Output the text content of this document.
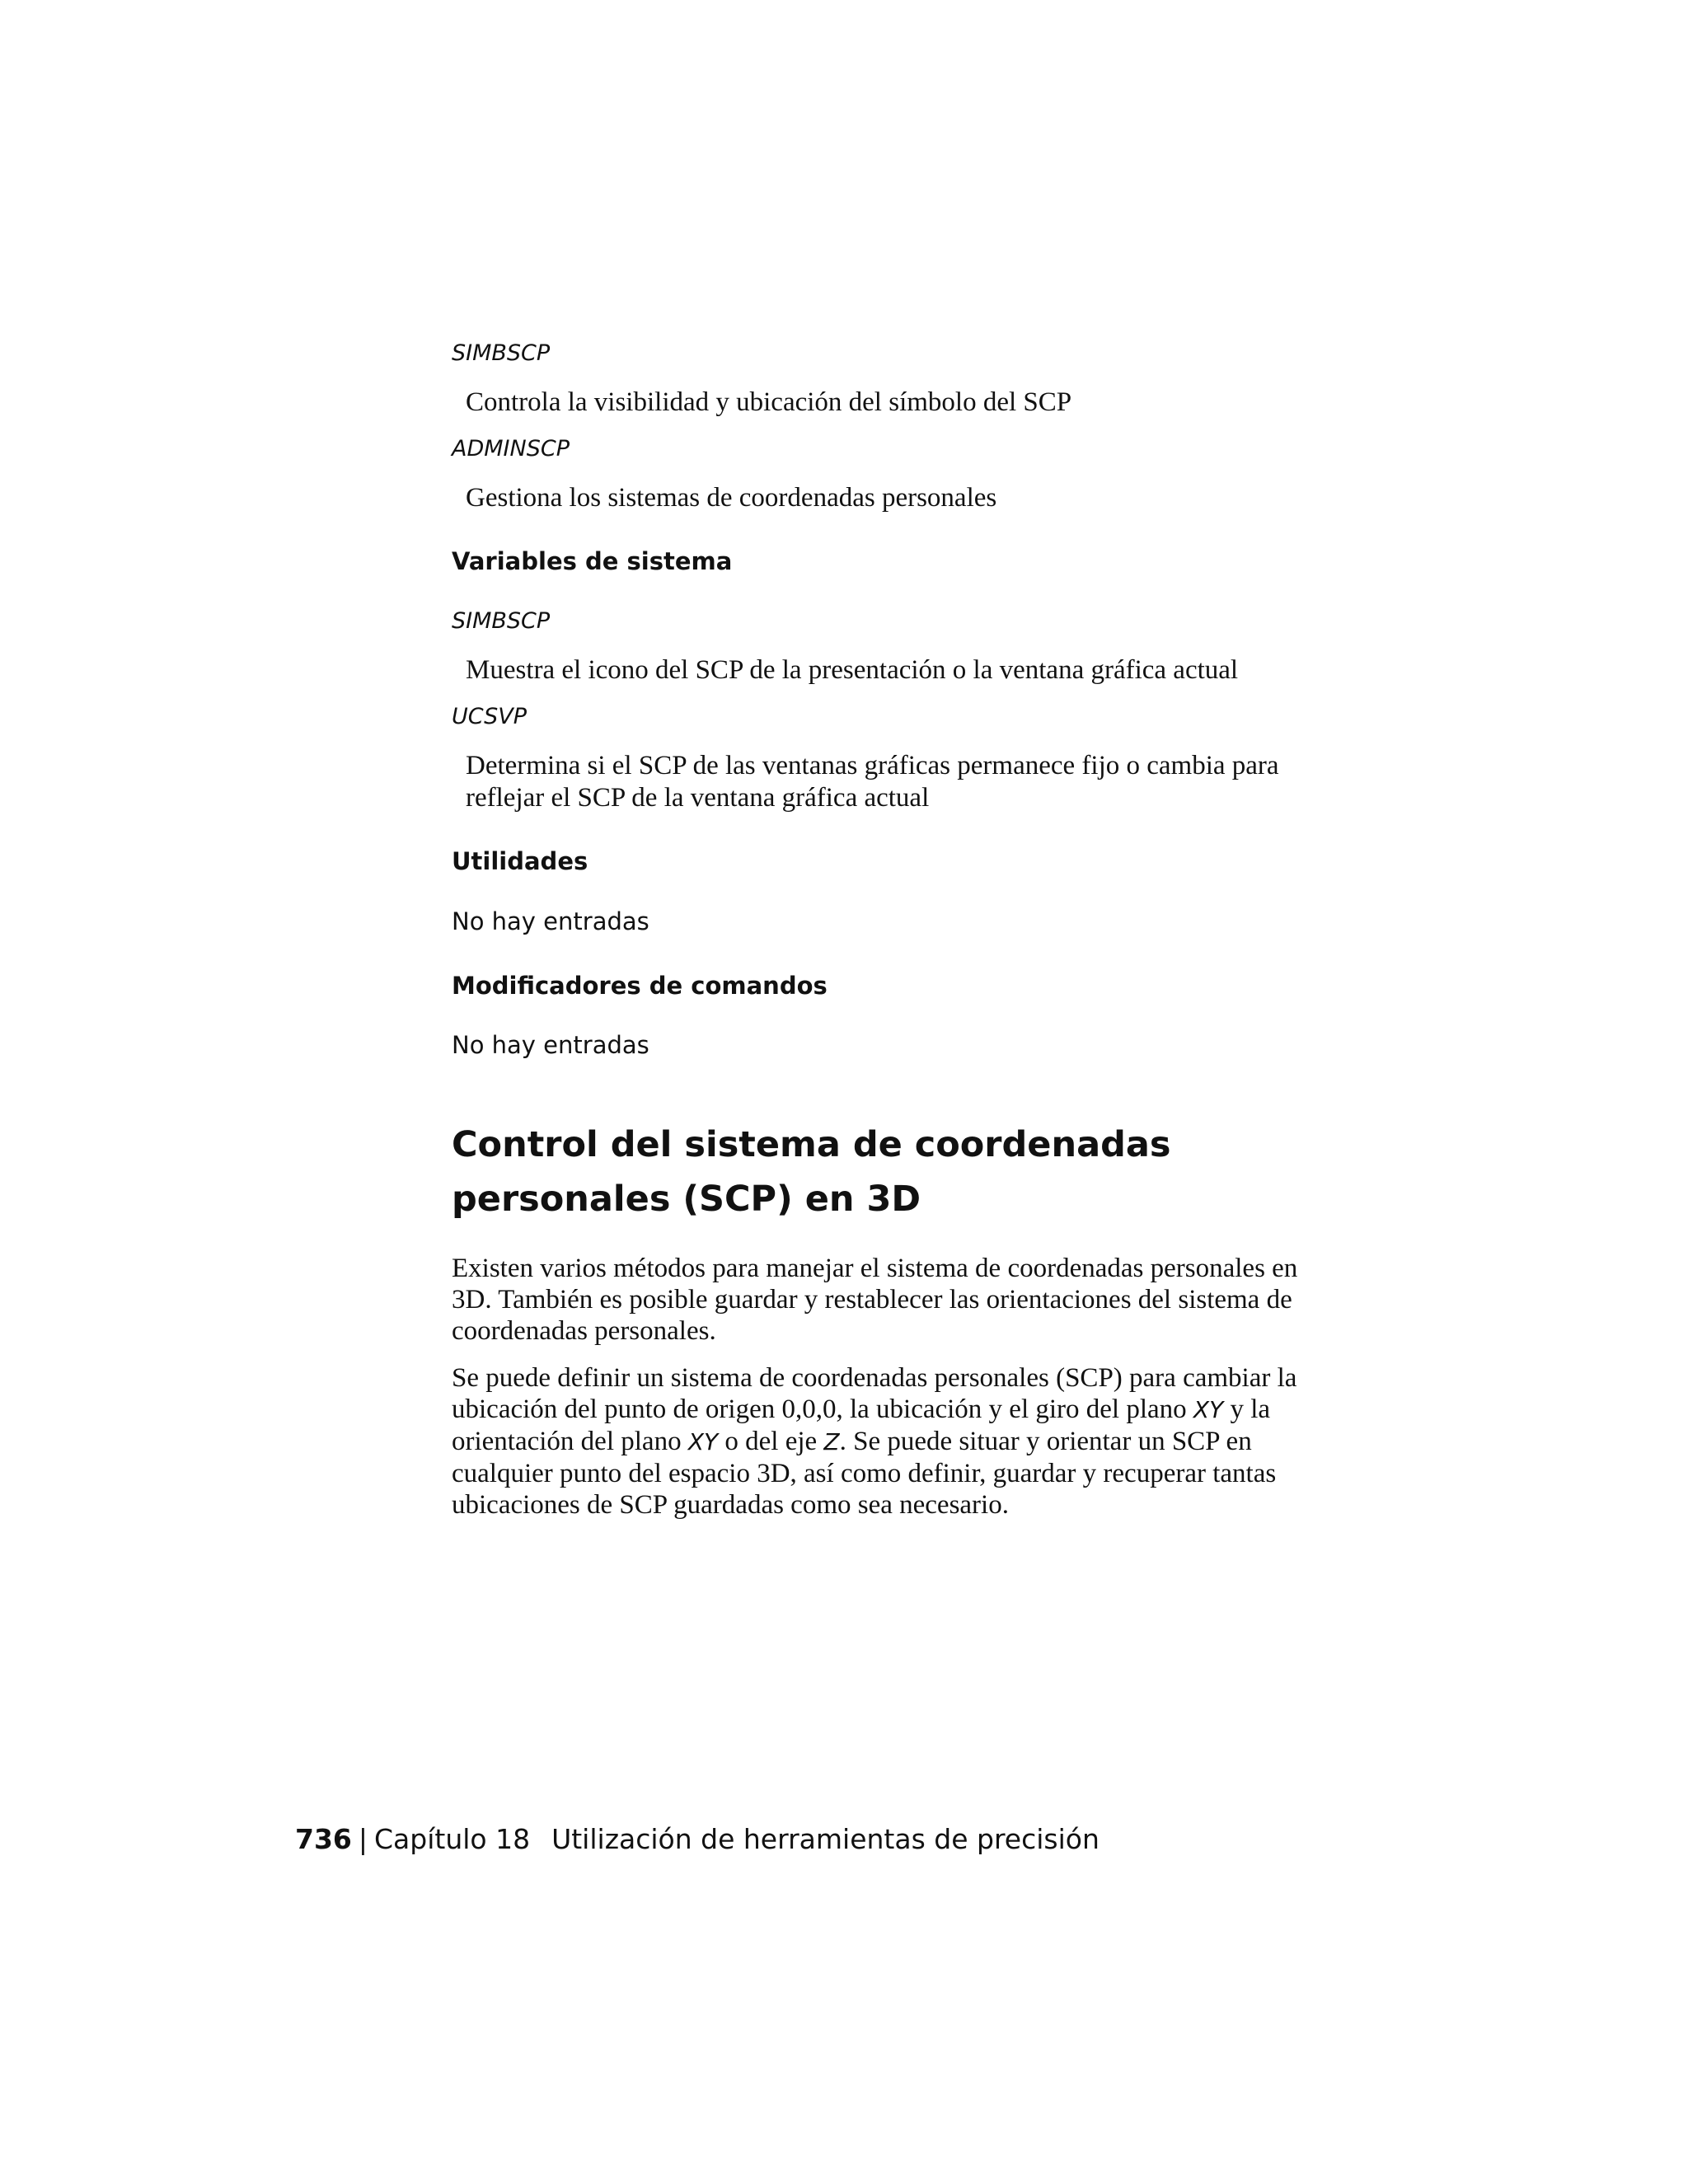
SIMBSCP
Controla la visibilidad y ubicación del símbolo del SCP
ADMINSCP
Gestiona los sistemas de coordenadas personales
Variables de sistema
SIMBSCP
Muestra el icono del SCP de la presentación o la ventana gráfica actual
UCSVP
Determina si el SCP de las ventanas gráficas permanece fijo o cambia para reflejar el SCP de la ventana gráfica actual
Utilidades
No hay entradas
Modificadores de comandos
No hay entradas
Control del sistema de coordenadas personales (SCP) en 3D
Existen varios métodos para manejar el sistema de coordenadas personales en 3D. También es posible guardar y restablecer las orientaciones del sistema de coordenadas personales.
Se puede definir un sistema de coordenadas personales (SCP) para cambiar la ubicación del punto de origen 0,0,0, la ubicación y el giro del plano XY y la orientación del plano XY o del eje Z. Se puede situar y orientar un SCP en cualquier punto del espacio 3D, así como definir, guardar y recuperar tantas ubicaciones de SCP guardadas como sea necesario.
736 | Capítulo 18 Utilización de herramientas de precisión
